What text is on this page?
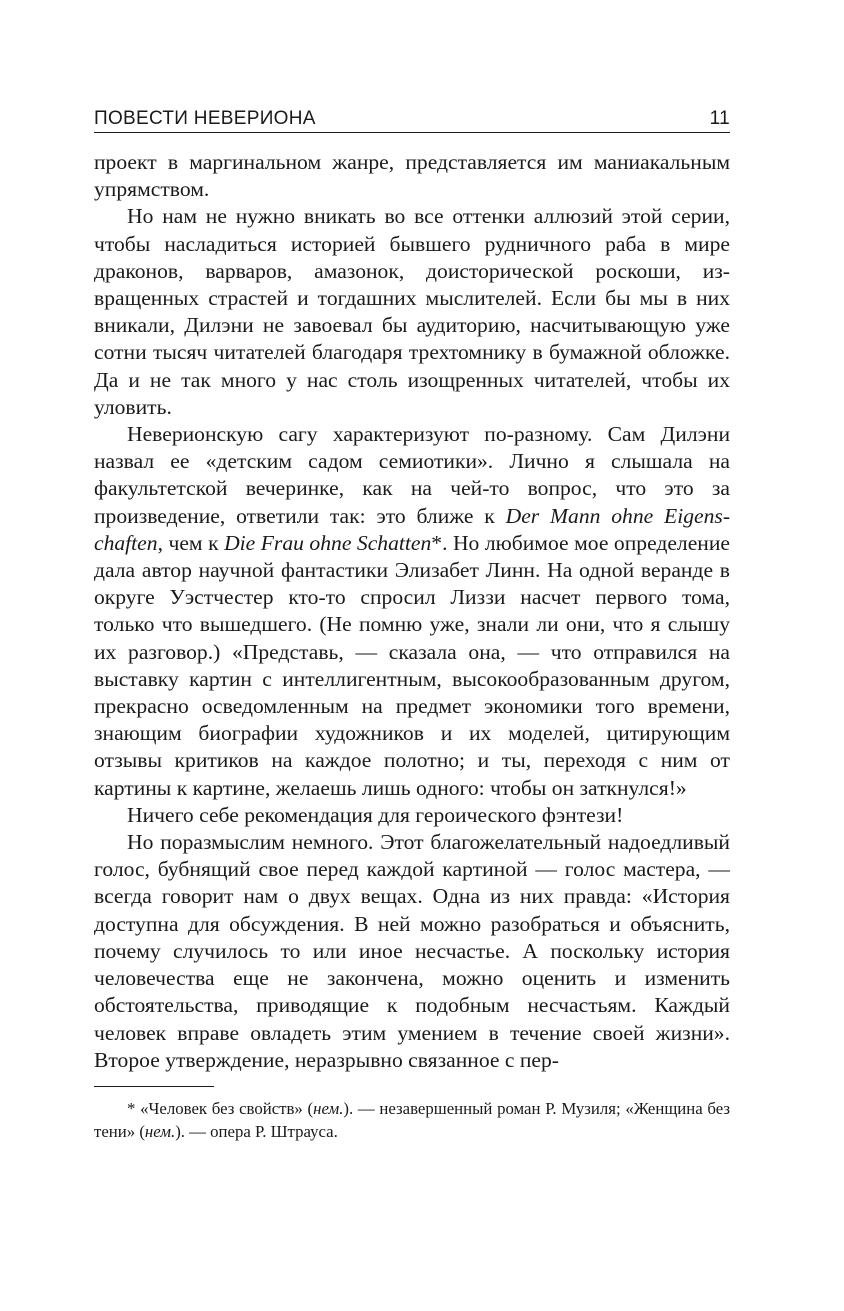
ПОВЕСТИ НЕВЕРИОНА	11

проект в маргинальном жанре, представляется им маниакальным упрямством.

Но нам не нужно вникать во все оттенки аллюзий этой серии, чтобы насладиться историей бывшего рудничного раба в мире драконов, варваров, амазонок, доисторической роскоши, извращенных страстей и тогдашних мыслителей. Если бы мы в них вникали, Дилэни не завоевал бы аудиторию, насчитывающую уже сотни тысяч читателей благодаря трехтомнику в бумажной обложке. Да и не так много у нас столь изощренных читателей, чтобы их уловить.

Неверионскую сагу характеризуют по-разному. Сам Дилэни назвал ее «детским садом семиотики». Лично я слышала на факультетской вечеринке, как на чей-то вопрос, что это за произведение, ответили так: это ближе к Der Mann ohne Eigenschaften, чем к Die Frau ohne Schatten*. Но любимое мое определение дала автор научной фантастики Элизабет Линн. На одной веранде в округе Уэстчестер кто-то спросил Лиззи насчет первого тома, только что вышедшего. (Не помню уже, знали ли они, что я слышу их разговор.) «Представь, — сказала она, — что отправился на выставку картин с интеллигентным, высокообразованным другом, прекрасно осведомленным на предмет экономики того времени, знающим биографии художников и их моделей, цитирующим отзывы критиков на каждое полотно; и ты, переходя с ним от картины к картине, желаешь лишь одного: чтобы он заткнулся!»

Ничего себе рекомендация для героического фэнтези!

Но поразмыслим немного. Этот благожелательный надоедливый голос, бубнящий свое перед каждой картиной — голос мастера, — всегда говорит нам о двух вещах. Одна из них правда: «История доступна для обсуждения. В ней можно разобраться и объяснить, почему случилось то или иное несчастье. А поскольку история человечества еще не закончена, можно оценить и изменить обстоятельства, приводящие к подобным несчастьям. Каждый человек вправе овладеть этим умением в течение своей жизни». Второе утверждение, неразрывно связанное с пер-

* «Человек без свойств» (нем.). — незавершенный роман Р. Музиля; «Женщина без тени» (нем.). — опера Р. Штрауса.
